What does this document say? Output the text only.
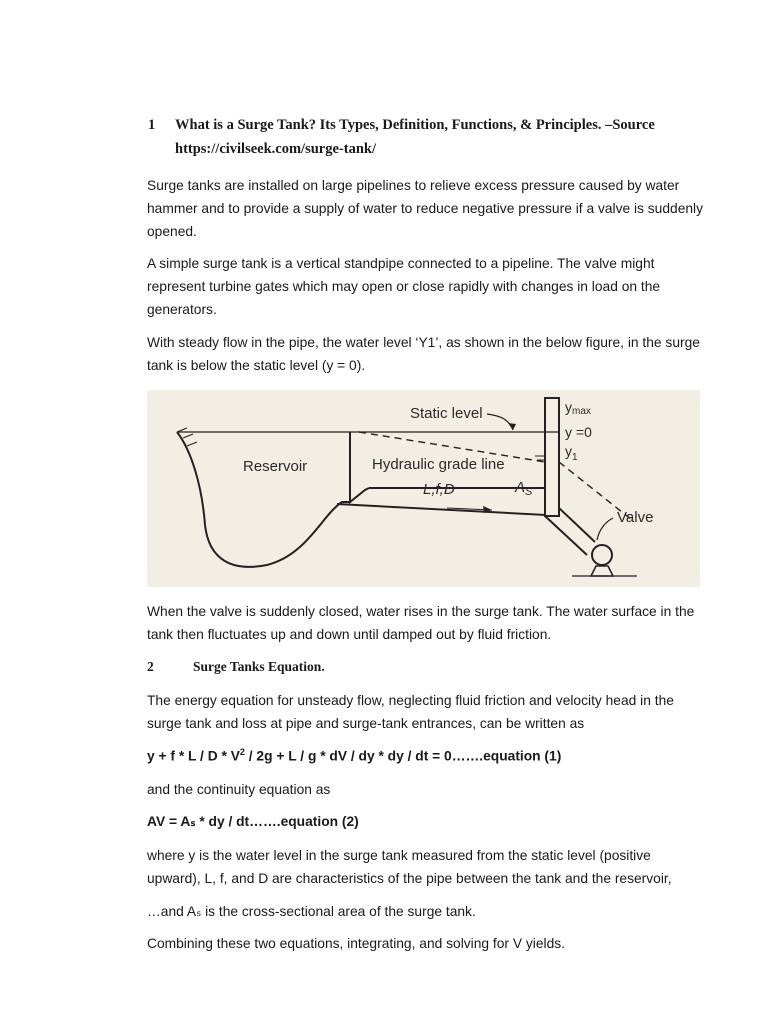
1 What is a Surge Tank? Its Types, Definition, Functions, & Principles. –Source
https://civilseek.com/surge-tank/
Surge tanks are installed on large pipelines to relieve excess pressure caused by water hammer and to provide a supply of water to reduce negative pressure if a valve is suddenly opened.
A simple surge tank is a vertical standpipe connected to a pipeline. The valve might represent turbine gates which may open or close rapidly with changes in load on the generators.
With steady flow in the pipe, the water level ‘Y1’, as shown in the below figure, in the surge tank is below the static level (y = 0).
Static level	ymax
y =0
$y_1$
Reservoir	Hydraulic grade line
L,f,D	$A_S$
Valve
When the valve is suddenly closed, water rises in the surge tank. The water surface in the tank then fluctuates up and down until damped out by fluid friction.
2	Surge Tanks Equation.
The energy equation for unsteady flow, neglecting fluid friction and velocity head in the surge tank and loss at pipe and surge-tank entrances, can be written as
$y + f * L / D * V^2 / 2g + L / g$ * dV / dy * dy / dt = 0…….equation (1)
and the continuity equation as
AV = Aₛ * dy / dt…….equation (2)
where y is the water level in the surge tank measured from the static level (positive upward), L, f, and D are characteristics of the pipe between the tank and the reservoir,
…and Aₛ is the cross-sectional area of the surge tank.
Combining these two equations, integrating, and solving for V yields.
